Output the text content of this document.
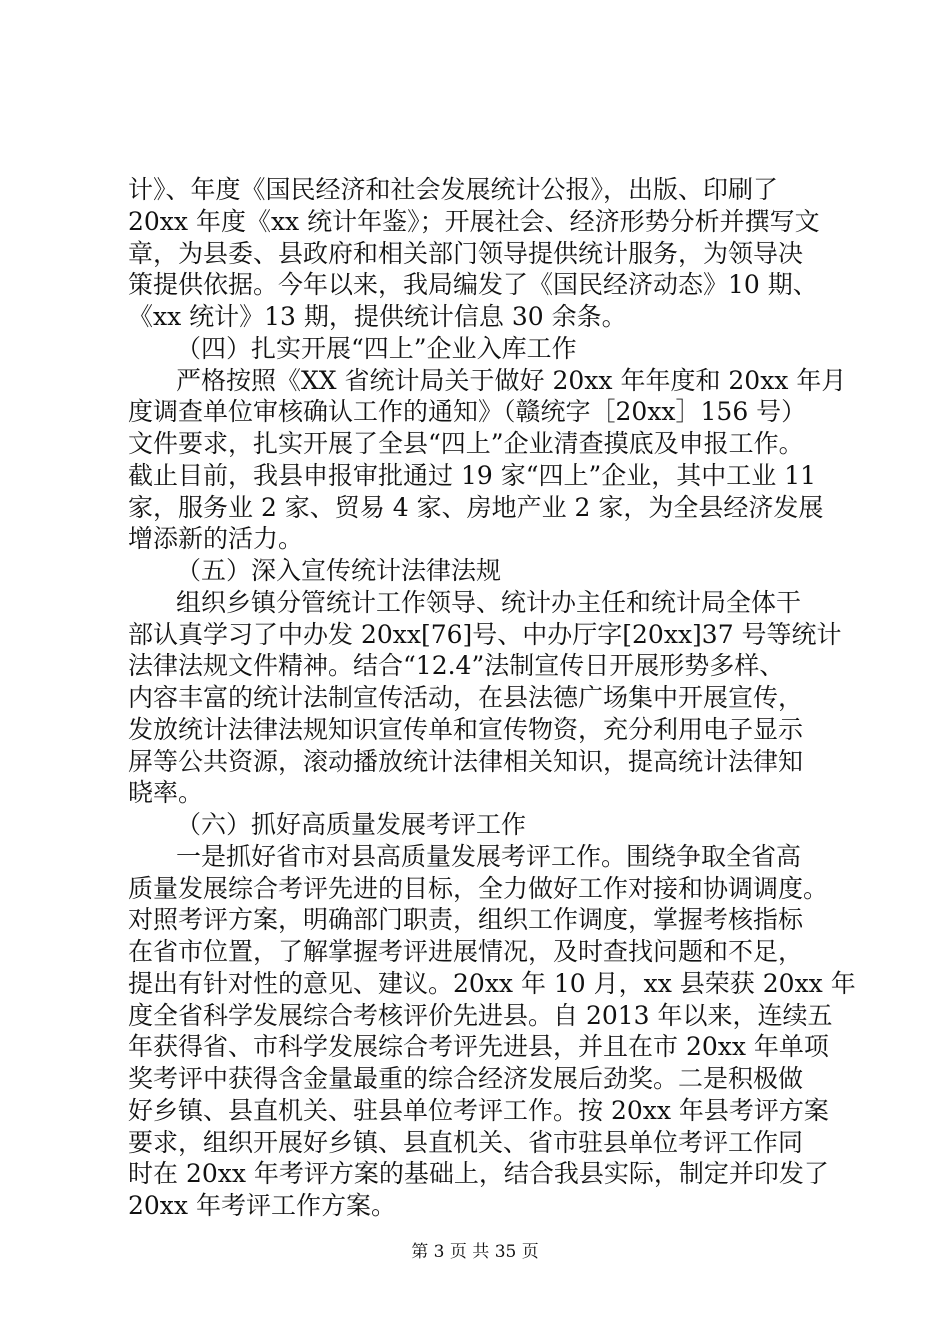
计》、年度《国民经济和社会发展统计公报》，出版、印刷了
20xx 年度《xx 统计年鉴》；开展社会、经济形势分析并撰写文
章，为县委、县政府和相关部门领导提供统计服务，为领导决
策提供依据。今年以来，我局编发了《国民经济动态》10 期、
《xx 统计》13 期，提供统计信息 30 余条。
（四）扎实开展“四上”企业入库工作
严格按照《XX 省统计局关于做好 20xx 年年度和 20xx 年月
度调查单位审核确认工作的通知》（赣统字［20xx］156 号）
文件要求，扎实开展了全县“四上”企业清查摸底及申报工作。
截止目前，我县申报审批通过 19 家“四上”企业，其中工业 11
家，服务业 2 家、贸易 4 家、房地产业 2 家，为全县经济发展
增添新的活力。
（五）深入宣传统计法律法规
组织乡镇分管统计工作领导、统计办主任和统计局全体干
部认真学习了中办发 20xx[76]号、中办厅字[20xx]37 号等统计
法律法规文件精神。结合“12.4”法制宣传日开展形势多样、
内容丰富的统计法制宣传活动，在县法德广场集中开展宣传，
发放统计法律法规知识宣传单和宣传物资，充分利用电子显示
屏等公共资源，滚动播放统计法律相关知识，提高统计法律知
晓率。
（六）抓好高质量发展考评工作
一是抓好省市对县高质量发展考评工作。围绕争取全省高
质量发展综合考评先进的目标，全力做好工作对接和协调调度。
对照考评方案，明确部门职责，组织工作调度，掌握考核指标
在省市位置，了解掌握考评进展情况，及时查找问题和不足，
提出有针对性的意见、建议。20xx 年 10 月，xx 县荣获 20xx 年
度全省科学发展综合考核评价先进县。自 2013 年以来，连续五
年获得省、市科学发展综合考评先进县，并且在市 20xx 年单项
奖考评中获得含金量最重的综合经济发展后劲奖。二是积极做
好乡镇、县直机关、驻县单位考评工作。按 20xx 年县考评方案
要求，组织开展好乡镇、县直机关、省市驻县单位考评工作同
时在 20xx 年考评方案的基础上，结合我县实际，制定并印发了
20xx 年考评工作方案。
第 3 页 共 35 页
